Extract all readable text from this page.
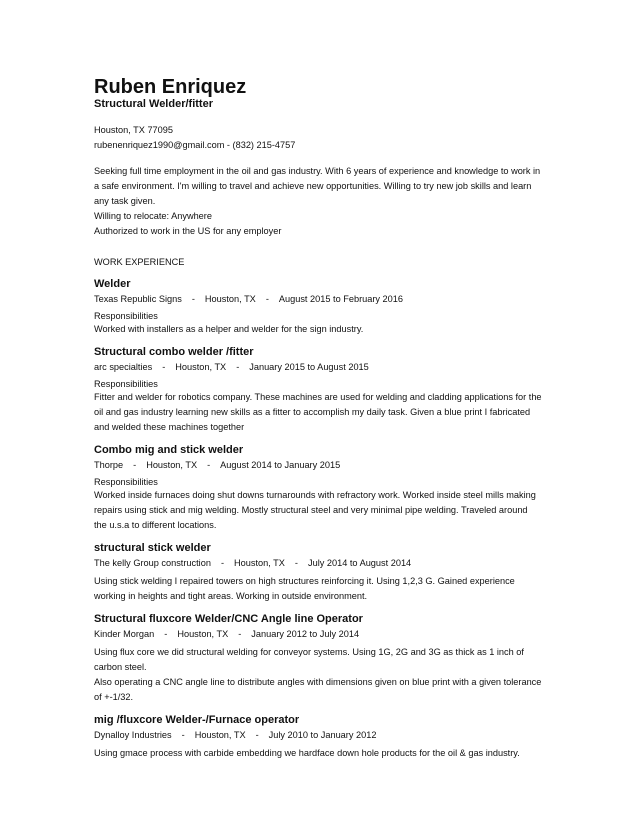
Ruben Enriquez
Structural Welder/fitter
Houston, TX 77095
rubenenriquez1990@gmail.com - (832) 215-4757

Seeking full time employment in the oil and gas industry. With 6 years of experience and knowledge to work in

a safe environment. I'm willing to travel and achieve new opportunities. Willing to try new job skills and learn

any task given.

Willing to relocate: Anywhere

Authorized to work in the US for any employer

WORK EXPERIENCE
Welder
Texas Republic Signs - Houston, TX - August 2015 to February 2016
Responsibilities

Worked with installers as a helper and welder for the sign industry.

Structural combo welder /fitter
arc specialties - Houston, TX - January 2015 to August 2015
Responsibilities

Fitter and welder for robotics company. These machines are used for welding and cladding applications for the

oil and gas industry learning new skills as a fitter to accomplish my daily task. Given a blue print I fabricated

and welded these machines together

Combo mig and stick welder
Thorpe - Houston, TX - August 2014 to January 2015
Responsibilities

Worked inside furnaces doing shut downs turnarounds with refractory work. Worked inside steel mills making

repairs using stick and mig welding. Mostly structural steel and very minimal pipe welding. Traveled around

the u.s.a to different locations.

structural stick welder
The kelly Group construction - Houston, TX - July 2014 to August 2014

Using stick welding I repaired towers on high structures reinforcing it. Using 1,2,3 G. Gained experience

working in heights and tight areas. Working in outside environment.

Structural fluxcore Welder/CNC Angle line Operator
Kinder Morgan - Houston, TX - January 2012 to July 2014

Using flux core we did structural welding for conveyor systems. Using 1G, 2G and 3G as thick as 1 inch of

carbon steel.

Also operating a CNC angle line to distribute angles with dimensions given on blue print with a given tolerance

of +-1/32.

mig /fluxcore Welder-/Furnace operator
Dynalloy Industries - Houston, TX - July 2010 to January 2012

Using gmace process with carbide embedding we hardface down hole products for the oil & gas industry.
